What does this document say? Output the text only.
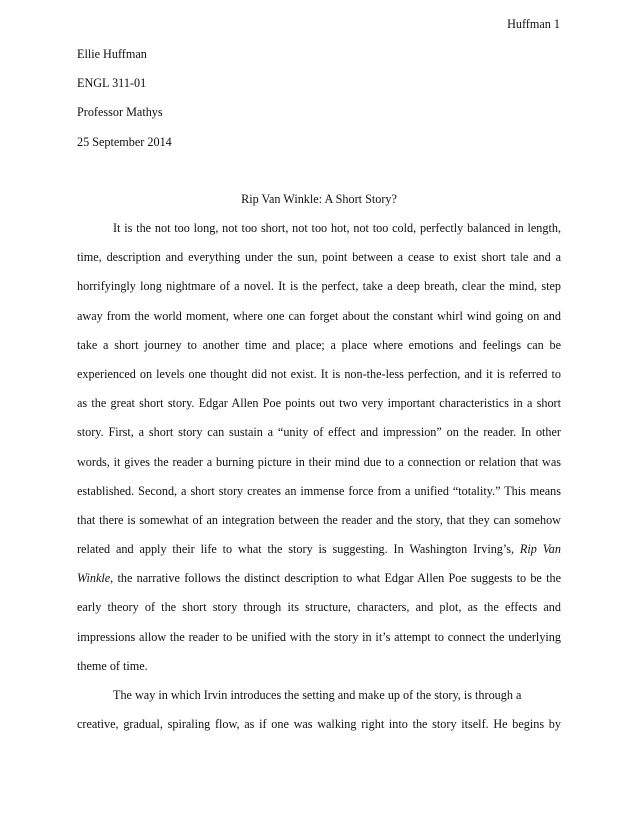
Huffman 1
Ellie Huffman
ENGL 311-01
Professor Mathys
25 September 2014
Rip Van Winkle: A Short Story?
It is the not too long, not too short, not too hot, not too cold, perfectly balanced in length,
time, description and everything under the sun, point between a cease to exist short tale and a
horrifyingly long nightmare of a novel. It is the perfect, take a deep breath, clear the mind, step
away from the world moment, where one can forget about the constant whirl wind going on and
take a short journey to another time and place; a place where emotions and feelings can be
experienced on levels one thought did not exist. It is non-the-less perfection, and it is referred to
as the great short story. Edgar Allen Poe points out two very important characteristics in a short
story. First, a short story can sustain a “unity of effect and impression” on the reader. In other
words, it gives the reader a burning picture in their mind due to a connection or relation that was
established. Second, a short story creates an immense force from a unified “totality.” This means
that there is somewhat of an integration between the reader and the story, that they can somehow
related and apply their life to what the story is suggesting. In Washington Irving’s, Rip Van
Winkle, the narrative follows the distinct description to what Edgar Allen Poe suggests to be the
early theory of the short story through its structure, characters, and plot, as the effects and
impressions allow the reader to be unified with the story in it’s attempt to connect the underlying
theme of time.
The way in which Irvin introduces the setting and make up of the story, is through a
creative, gradual, spiraling flow, as if one was walking right into the story itself. He begins by
